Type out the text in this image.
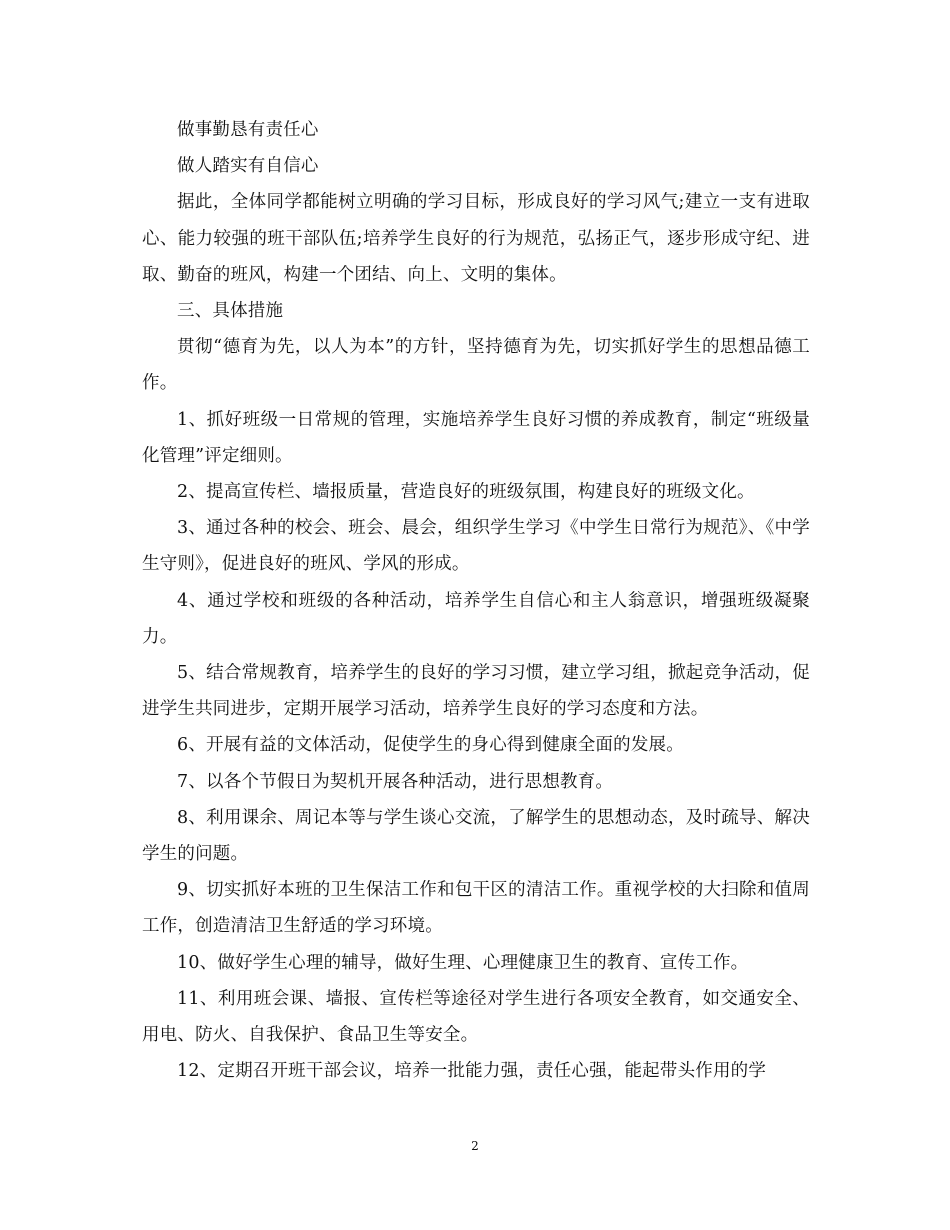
做事勤恳有责任心

做人踏实有自信心

据此，全体同学都能树立明确的学习目标，形成良好的学习风气;建立一支有进取心、能力较强的班干部队伍;培养学生良好的行为规范，弘扬正气，逐步形成守纪、进取、勤奋的班风，构建一个团结、向上、文明的集体。

三、具体措施

贯彻“德育为先，以人为本”的方针，坚持德育为先，切实抓好学生的思想品德工作。

1、抓好班级一日常规的管理，实施培养学生良好习惯的养成教育，制定“班级量化管理”评定细则。

2、提高宣传栏、墙报质量，营造良好的班级氛围，构建良好的班级文化。

3、通过各种的校会、班会、晨会，组织学生学习《中学生日常行为规范》、《中学生守则》，促进良好的班风、学风的形成。

4、通过学校和班级的各种活动，培养学生自信心和主人翁意识，增强班级凝聚力。

5、结合常规教育，培养学生的良好的学习习惯，建立学习组，掀起竞争活动，促进学生共同进步，定期开展学习活动，培养学生良好的学习态度和方法。

6、开展有益的文体活动，促使学生的身心得到健康全面的发展。

7、以各个节假日为契机开展各种活动，进行思想教育。

8、利用课余、周记本等与学生谈心交流，了解学生的思想动态，及时疏导、解决学生的问题。

9、切实抓好本班的卫生保洁工作和包干区的清洁工作。重视学校的大扫除和值周工作，创造清洁卫生舒适的学习环境。

10、做好学生心理的辅导，做好生理、心理健康卫生的教育、宣传工作。

11、利用班会课、墙报、宣传栏等途径对学生进行各项安全教育，如交通安全、用电、防火、自我保护、食品卫生等安全。

12、定期召开班干部会议，培养一批能力强，责任心强，能起带头作用的学

2
